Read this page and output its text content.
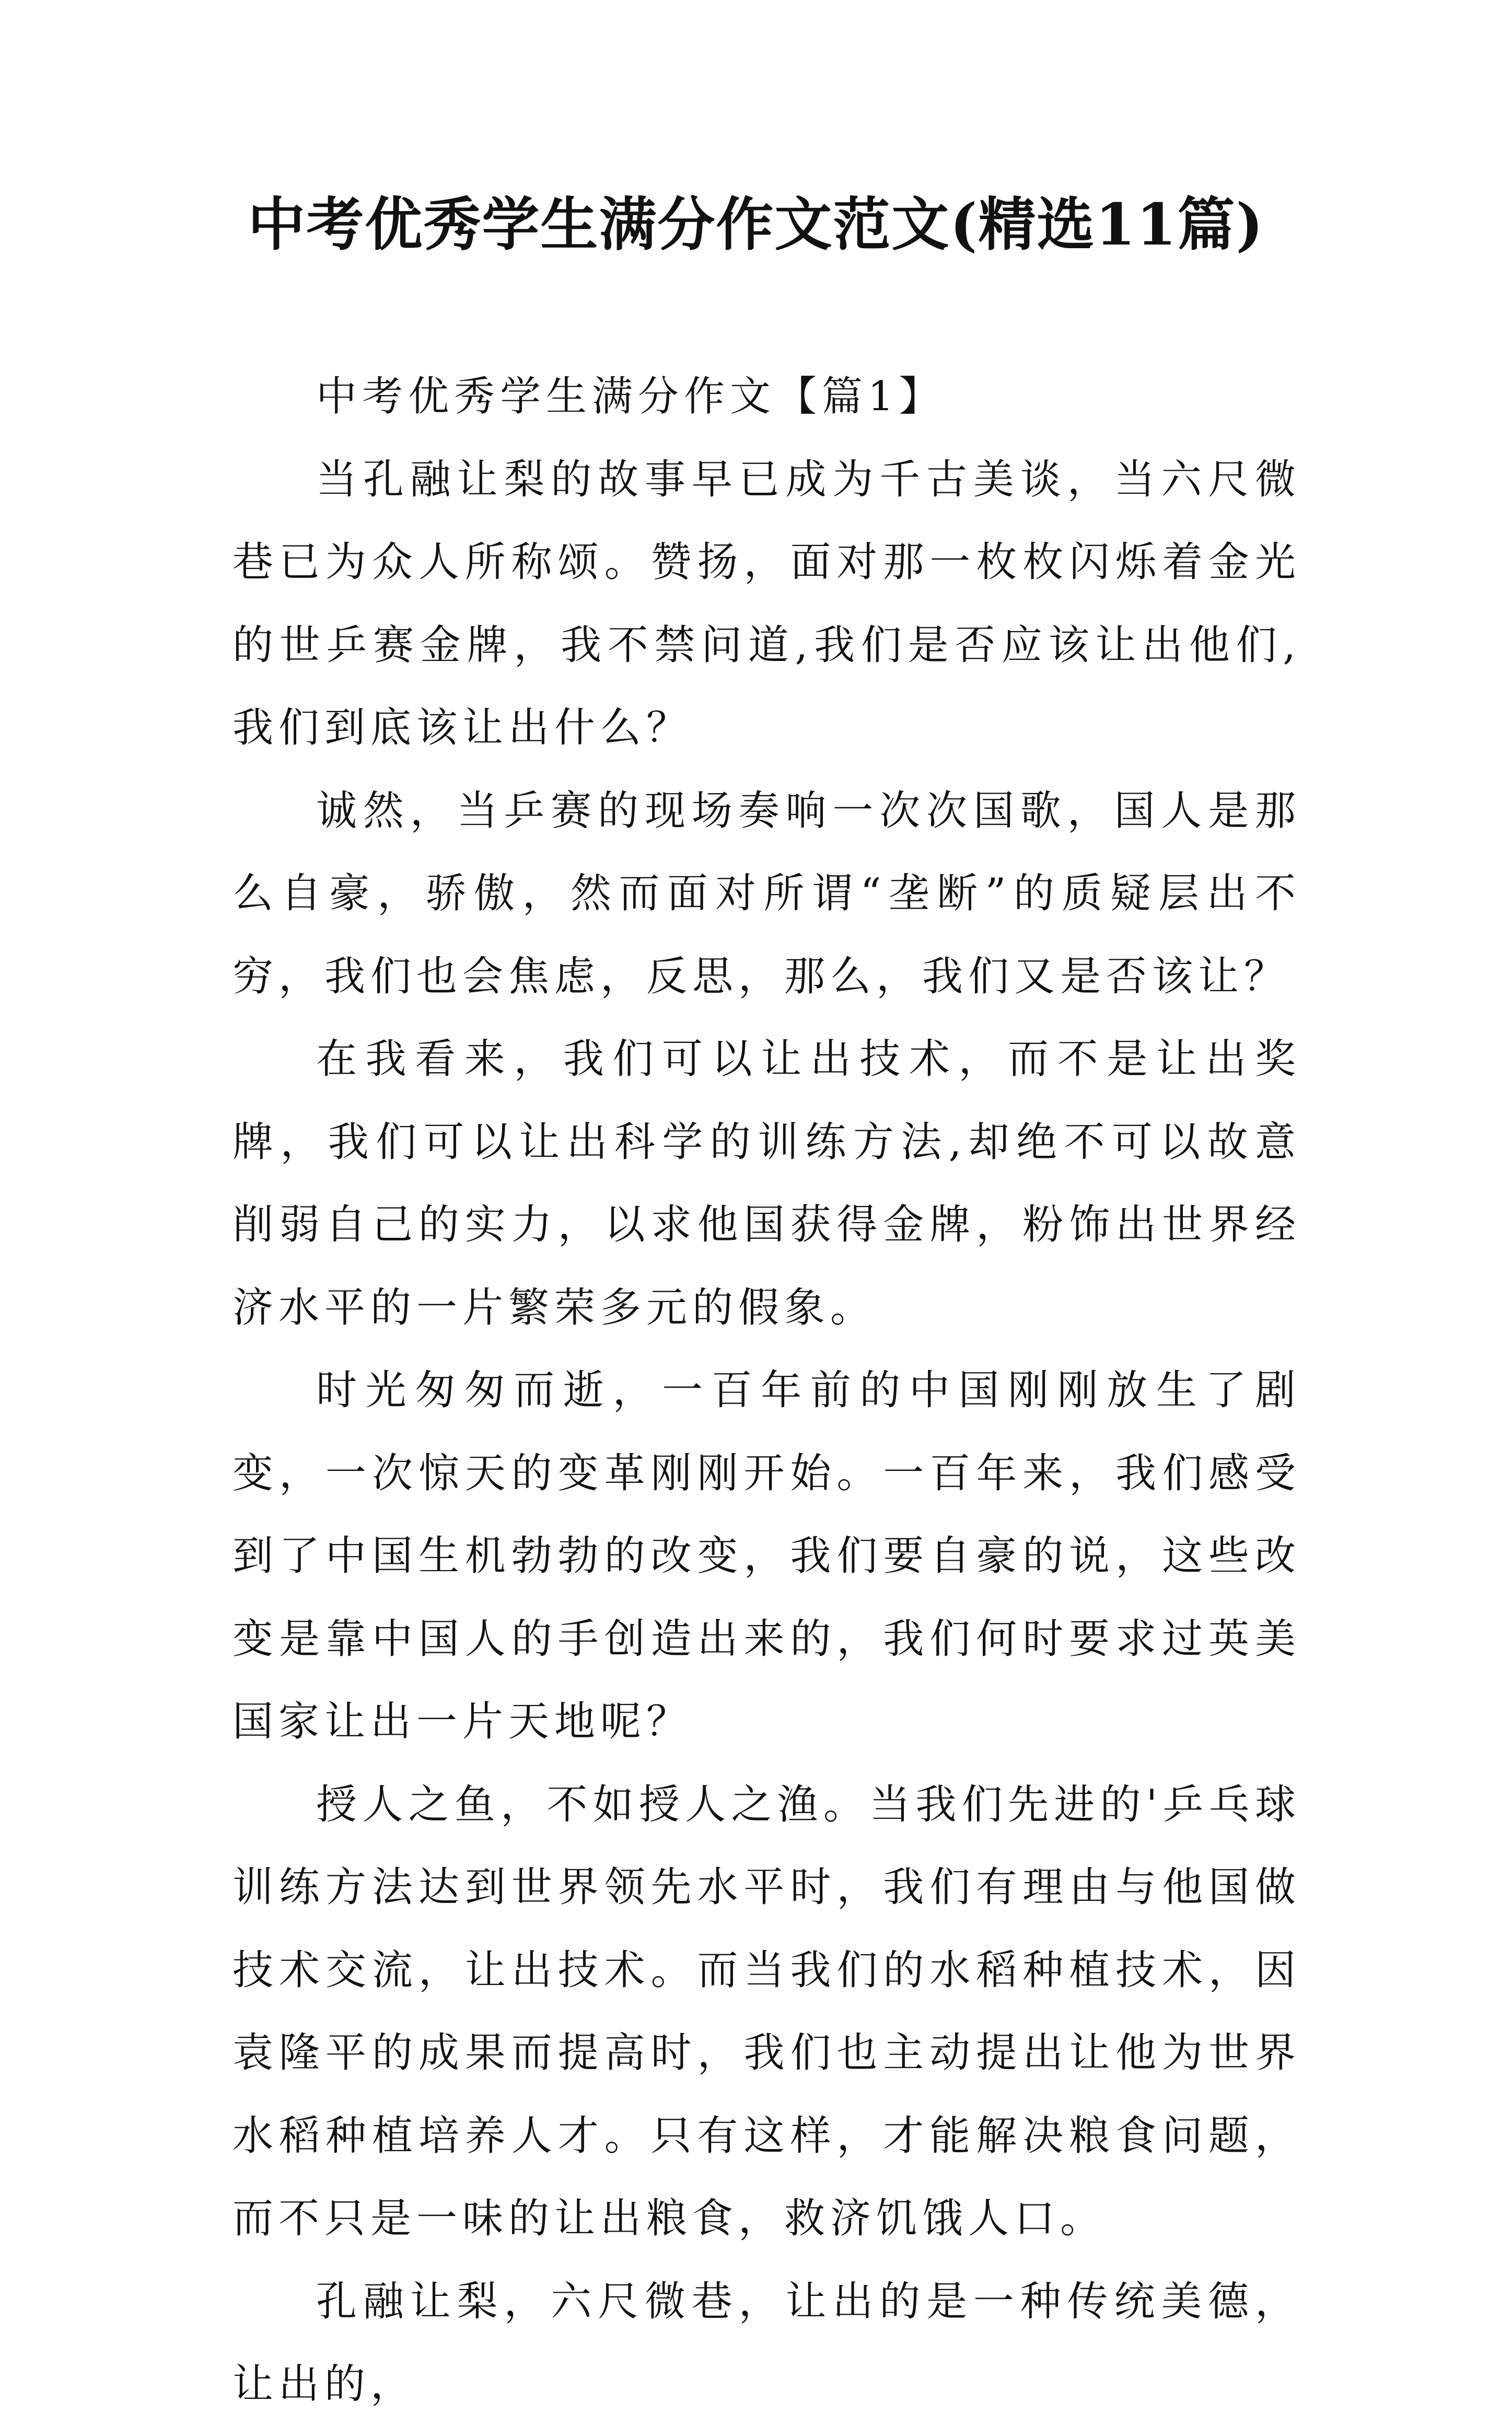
中考优秀学生满分作文范文(精选11篇)

中考优秀学生满分作文【篇1】

当孔融让梨的故事早已成为千古美谈，当六尺微巷已为众人所称颂。赞扬，面对那一枚枚闪烁着金光的世乒赛金牌，我不禁问道,我们是否应该让出他们,我们到底该让出什么？

诚然，当乒赛的现场奏响一次次国歌，国人是那么自豪，骄傲，然而面对所谓“垄断”的质疑层出不穷，我们也会焦虑，反思，那么，我们又是否该让？

在我看来，我们可以让出技术，而不是让出奖牌，我们可以让出科学的训练方法,却绝不可以故意削弱自己的实力，以求他国获得金牌，粉饰出世界经济水平的一片繁荣多元的假象。

时光匆匆而逝，一百年前的中国刚刚放生了剧变，一次惊天的变革刚刚开始。一百年来，我们感受到了中国生机勃勃的改变，我们要自豪的说，这些改变是靠中国人的手创造出来的，我们何时要求过英美国家让出一片天地呢？

授人之鱼，不如授人之渔。当我们先进的'乒乓球训练方法达到世界领先水平时，我们有理由与他国做技术交流，让出技术。而当我们的水稻种植技术，因袁隆平的成果而提高时，我们也主动提出让他为世界水稻种植培养人才。只有这样，才能解决粮食问题，而不只是一味的让出粮食，救济饥饿人口。

孔融让梨，六尺微巷，让出的是一种传统美德，让出的，
